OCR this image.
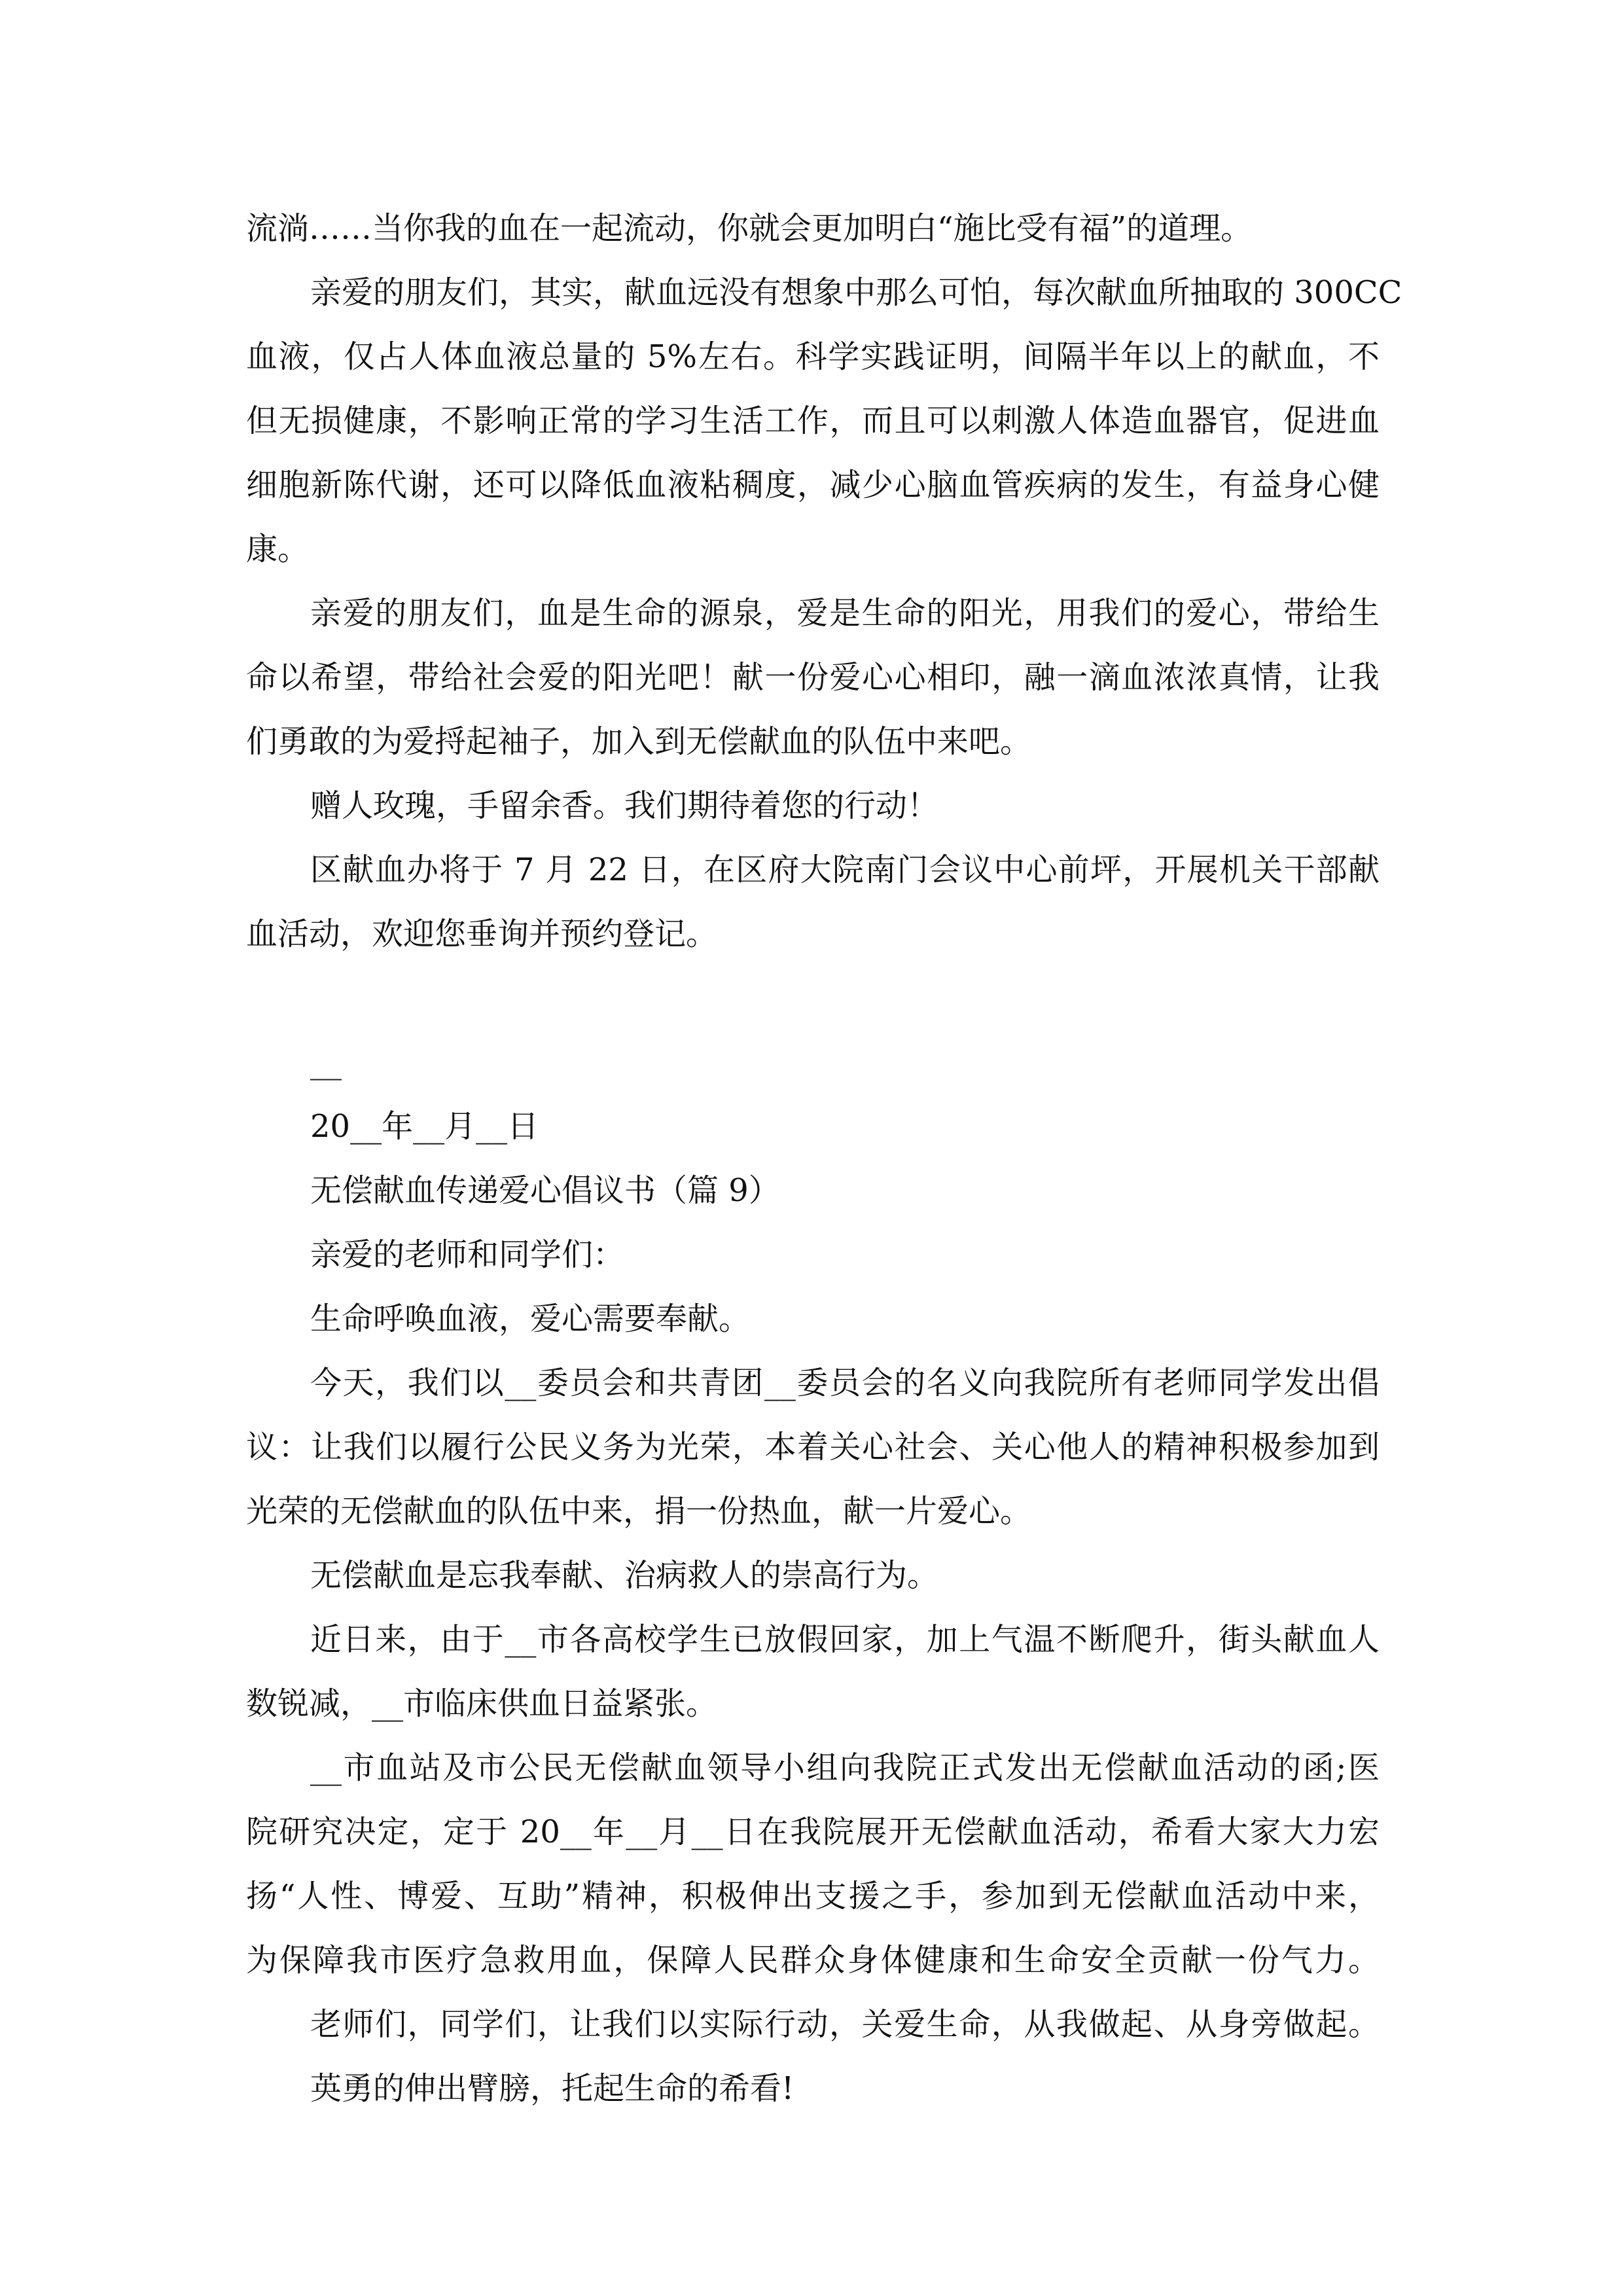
流淌……当你我的血在一起流动，你就会更加明白“施比受有福”的道理。
亲爱的朋友们，其实，献血远没有想象中那么可怕，每次献血所抽取的 300CC
血液，仅占人体血液总量的 5%左右。科学实践证明，间隔半年以上的献血，不
但无损健康，不影响正常的学习生活工作，而且可以刺激人体造血器官，促进血
细胞新陈代谢，还可以降低血液粘稠度，减少心脑血管疾病的发生，有益身心健
康。
亲爱的朋友们，血是生命的源泉，爱是生命的阳光，用我们的爱心，带给生
命以希望，带给社会爱的阳光吧！献一份爱心心相印，融一滴血浓浓真情，让我
们勇敢的为爱捋起袖子，加入到无偿献血的队伍中来吧。
赠人玫瑰，手留余香。我们期待着您的行动！
区献血办将于 7 月 22 日，在区府大院南门会议中心前坪，开展机关干部献
血活动，欢迎您垂询并预约登记。
__
20__年__月__日
无偿献血传递爱心倡议书（篇 9）
亲爱的老师和同学们：
生命呼唤血液，爱心需要奉献。
今天，我们以__委员会和共青团__委员会的名义向我院所有老师同学发出倡
议：让我们以履行公民义务为光荣，本着关心社会、关心他人的精神积极参加到
光荣的无偿献血的队伍中来，捐一份热血，献一片爱心。
无偿献血是忘我奉献、治病救人的崇高行为。
近日来，由于__市各高校学生已放假回家，加上气温不断爬升，街头献血人
数锐减，__市临床供血日益紧张。
__市血站及市公民无偿献血领导小组向我院正式发出无偿献血活动的函;医
院研究决定，定于 20__年__月__日在我院展开无偿献血活动，希看大家大力宏
扬“人性、博爱、互助”精神，积极伸出支援之手，参加到无偿献血活动中来，
为保障我市医疗急救用血，保障人民群众身体健康和生命安全贡献一份气力。
老师们，同学们，让我们以实际行动，关爱生命，从我做起、从身旁做起。
英勇的伸出臂膀，托起生命的希看!
